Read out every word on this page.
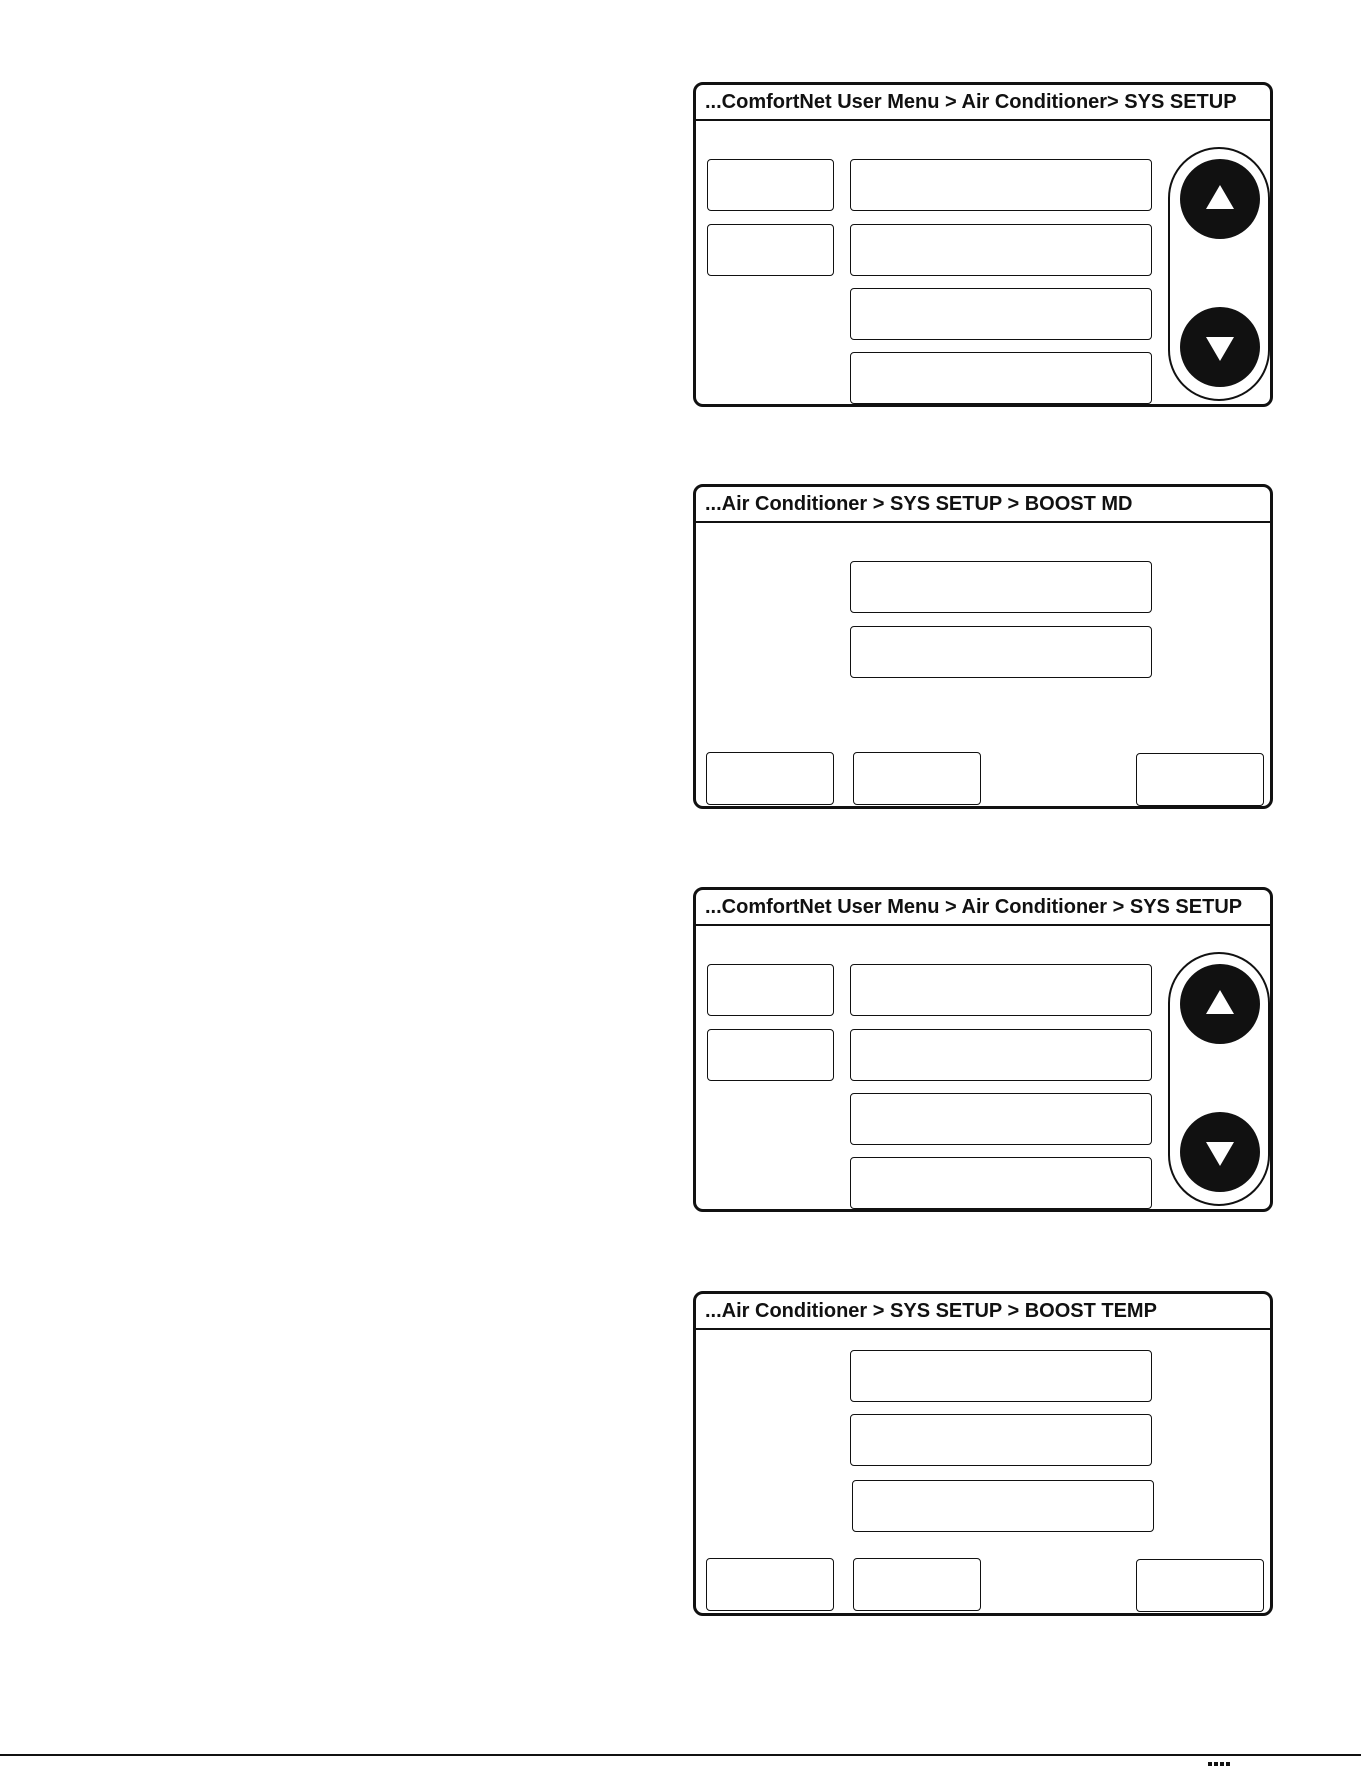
...ComfortNet User Menu > Air Conditioner> SYS SETUP
...Air Conditioner > SYS SETUP > BOOST MD
...ComfortNet User Menu > Air Conditioner > SYS SETUP
...Air Conditioner > SYS SETUP > BOOST TEMP
